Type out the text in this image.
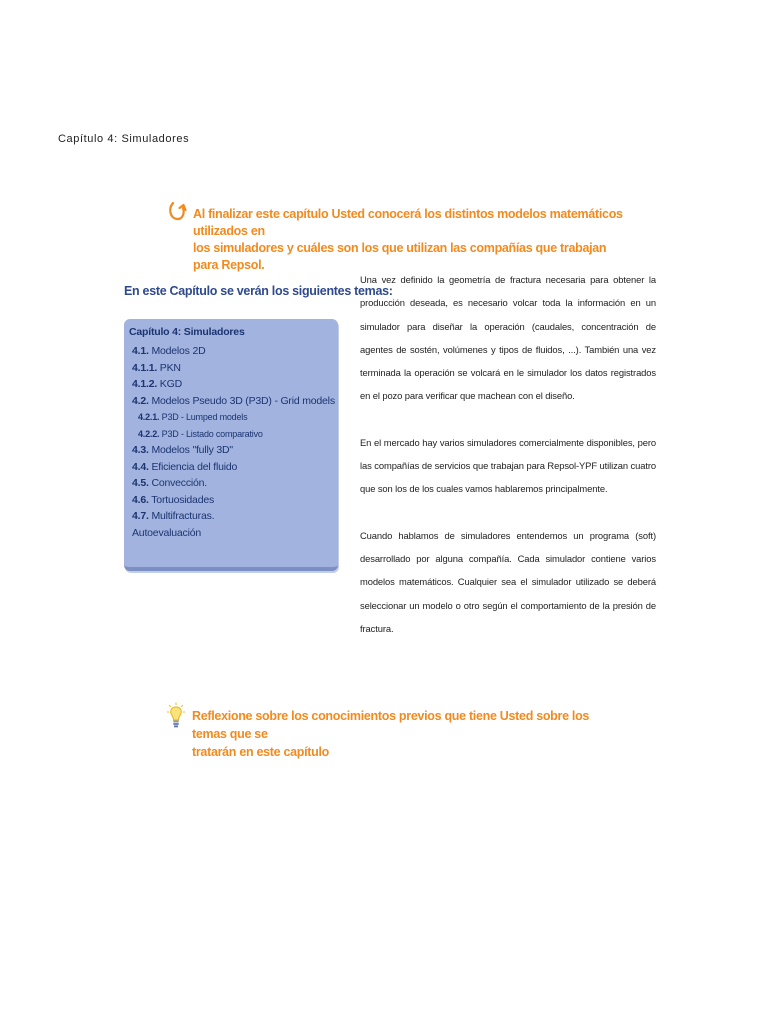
Capítulo 4: Simuladores
Al finalizar este capítulo Usted conocerá los distintos modelos matemáticos utilizados en
los simuladores y cuáles son los que utilizan las compañías que trabajan para Repsol.
En este Capítulo se verán los siguientes temas:
Capítulo 4: Simuladores
4.1. Modelos 2D
4.1.1. PKN
4.1.2. KGD
4.2. Modelos Pseudo 3D (P3D) - Grid models
4.2.1. P3D - Lumped models
4.2.2. P3D - Listado comparativo
4.3. Modelos "fully 3D"
4.4. Eficiencia del fluido
4.5. Convección.
4.6. Tortuosidades
4.7. Multifracturas.
Autoevaluación

Una vez definido la geometría de fractura necesaria para obtener la producción deseada, es necesario volcar toda la información en un simulador para diseñar la operación (caudales, concentración de agentes de sostén, volúmenes y tipos de fluidos, ...). También una vez terminada la operación se volcará en le simulador los datos registrados en el pozo para verificar que machean con el diseño.

En el mercado hay varios simuladores comercialmente disponibles, pero las compañías de servicios que trabajan para Repsol-YPF utilizan cuatro que son los de los cuales vamos hablaremos principalmente.

Cuando hablamos de simuladores entendemos un programa (soft) desarrollado por alguna compañía. Cada simulador contiene varios modelos matemáticos. Cualquier sea el simulador utilizado se deberá seleccionar un modelo o otro según el comportamiento de la presión de fractura.

Reflexione sobre los conocimientos previos que tiene Usted sobre los temas que se
tratarán en este capítulo
